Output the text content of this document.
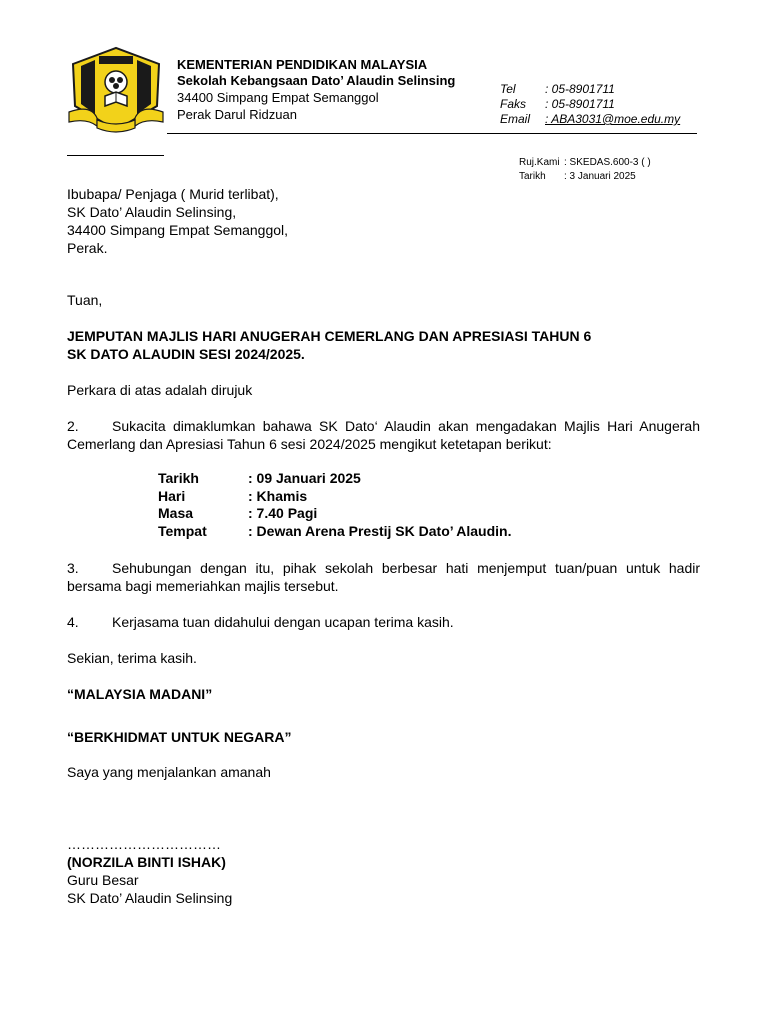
KEMENTERIAN PENDIDIKAN MALAYSIA
Sekolah Kebangsaan Dato’ Alaudin Selinsing
34400 Simpang Empat Semanggol
Perak Darul Ridzuan
Tel : 05-8901711
Faks : 05-8901711
Email : ABA3031@moe.edu.my
Ruj.Kami : SKEDAS.600-3 ( )
Tarikh : 3 Januari 2025
Ibubapa/ Penjaga ( Murid terlibat),
SK Dato’ Alaudin Selinsing,
34400 Simpang Empat Semanggol,
Perak.
Tuan,
JEMPUTAN MAJLIS HARI ANUGERAH CEMERLANG DAN APRESIASI TAHUN 6
SK DATO ALAUDIN SESI 2024/2025.
Perkara di atas adalah dirujuk
2. Sukacita dimaklumkan bahawa SK Dato‘ Alaudin akan mengadakan Majlis Hari Anugerah Cemerlang dan Apresiasi Tahun 6 sesi 2024/2025 mengikut ketetapan berikut:
Tarikh	: 09 Januari 2025
Hari	: Khamis
Masa	: 7.40 Pagi
Tempat	: Dewan Arena Prestij SK Dato’ Alaudin.
3. Sehubungan dengan itu, pihak sekolah berbesar hati menjemput tuan/puan untuk hadir bersama bagi memeriahkan majlis tersebut.
4. Kerjasama tuan didahului dengan ucapan terima kasih.
Sekian, terima kasih.
“MALAYSIA MADANI”
“BERKHIDMAT UNTUK NEGARA”
Saya yang menjalankan amanah
……………………………
(NORZILA BINTI ISHAK)
Guru Besar
SK Dato’ Alaudin Selinsing
